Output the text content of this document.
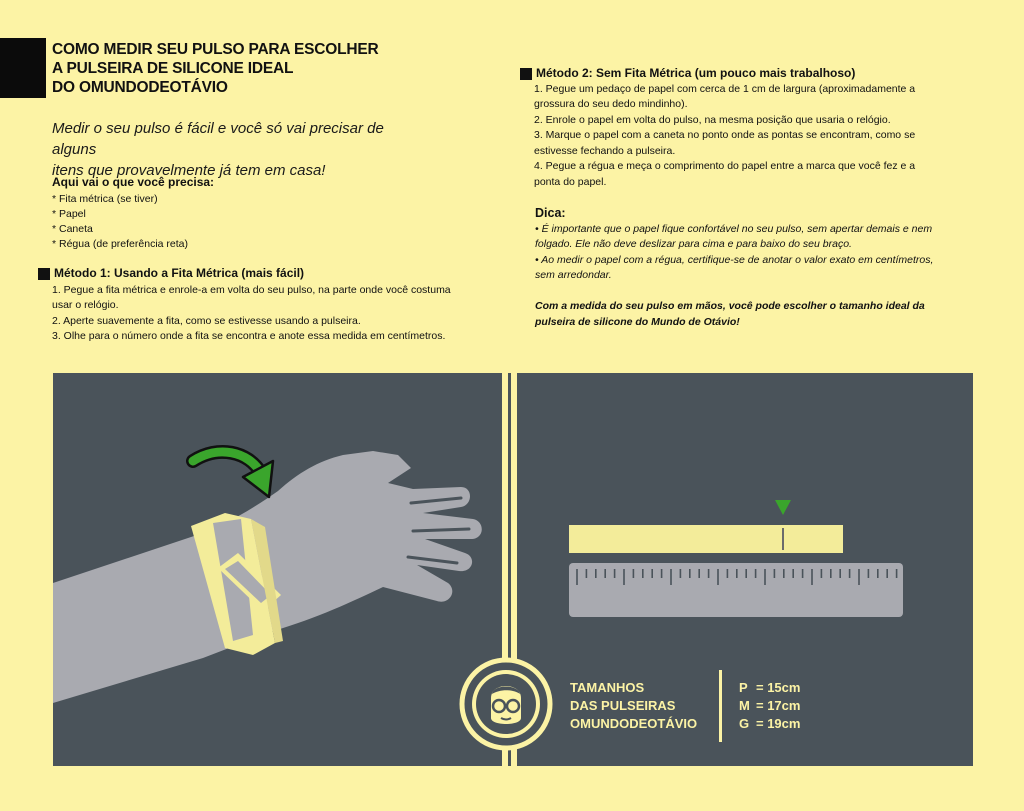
COMO MEDIR SEU PULSO PARA ESCOLHER
A PULSEIRA DE SILICONE IDEAL
DO OMUNDODEOTÁVIO
Medir o seu pulso é fácil e você só vai precisar de alguns
itens que provavelmente já tem em casa!
Aqui vai o que você precisa:
* Fita métrica (se tiver)
* Papel
* Caneta
* Régua (de preferência reta)
Método 1: Usando a Fita Métrica (mais fácil)
1. Pegue a fita métrica e enrole-a em volta do seu pulso, na parte onde você costuma
usar o relógio.
2. Aperte suavemente a fita, como se estivesse usando a pulseira.
3. Olhe para o número onde a fita se encontra e anote essa medida em centímetros.
Método 2: Sem Fita Métrica (um pouco mais trabalhoso)
1. Pegue um pedaço de papel com cerca de 1 cm de largura (aproximadamente a
grossura do seu dedo mindinho).
2. Enrole o papel em volta do pulso, na mesma posição que usaria o relógio.
3. Marque o papel com a caneta no ponto onde as pontas se encontram, como se
estivesse fechando a pulseira.
4. Pegue a régua e meça o comprimento do papel entre a marca que você fez e a
ponta do papel.
Dica:
• É importante que o papel fique confortável no seu pulso, sem apertar demais e nem
folgado. Ele não deve deslizar para cima e para baixo do seu braço.
• Ao medir o papel com a régua, certifique-se de anotar o valor exato em centímetros,
sem arredondar.
Com a medida do seu pulso em mãos, você pode escolher o tamanho ideal da
pulseira de silicone do Mundo de Otávio!
TAMANHOS
DAS PULSEIRAS
OMUNDODEOTÁVIO
P = 15cm
M = 17cm
G = 19cm
